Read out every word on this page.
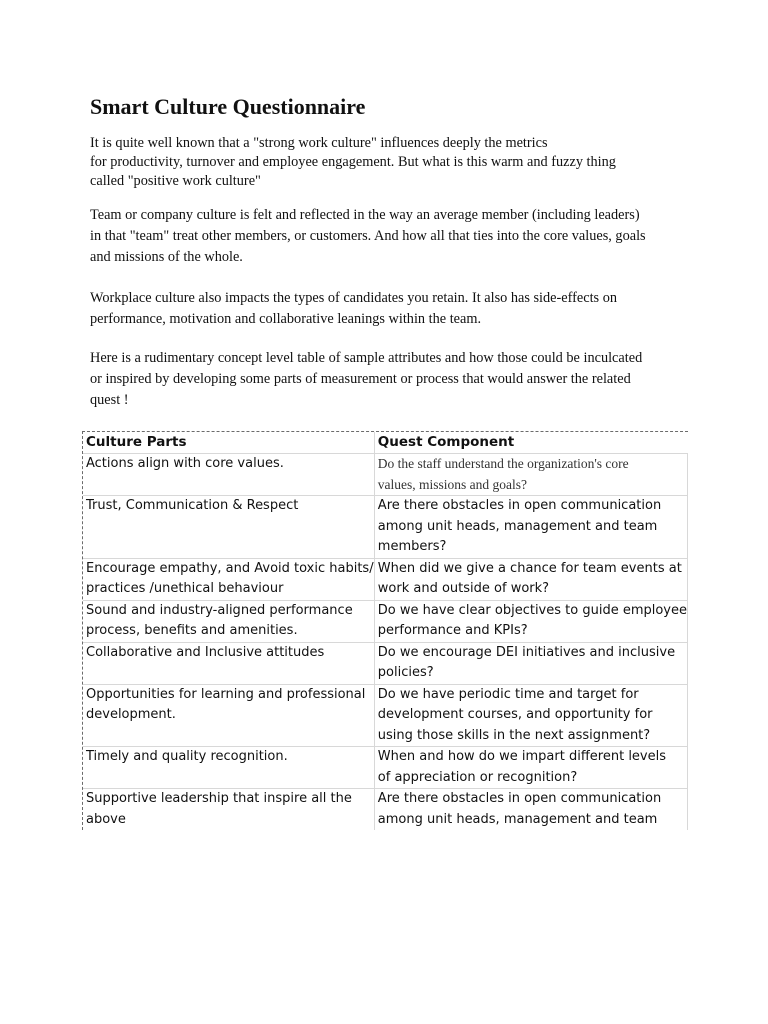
Smart Culture Questionnaire

It is quite well known that a "strong work culture" influences deeply the metrics
for productivity, turnover and employee engagement. But what is this warm and fuzzy thing
called "positive work culture"

Team or company culture is felt and reflected in the way an average member (including leaders)
in that "team" treat other members, or customers. And how all that ties into the core values, goals
and missions of the whole.

Workplace culture also impacts the types of candidates you retain. It also has side-effects on
performance, motivation and collaborative leanings within the team.

Here is a rudimentary concept level table of sample attributes and how those could be inculcated
or inspired by developing some parts of measurement or process that would answer the related
quest !

Culture Parts	Quest Component

Actions align with core values.	Do the staff understand the organization's core
values, missions and goals?

Trust, Communication & Respect	Are there obstacles in open communication
among unit heads, management and team
members?

Encourage empathy, and Avoid toxic habits/
practices /unethical behaviour	When did we give a chance for team events at
work and outside of work?

Sound and industry-aligned performance
process, benefits and amenities.	Do we have clear objectives to guide employee
performance and KPIs?

Collaborative and Inclusive attitudes	Do we encourage DEI initiatives and inclusive
policies?

Opportunities for learning and professional
development.	Do we have periodic time and target for
development courses, and opportunity for
using those skills in the next assignment?

Timely and quality recognition.	When and how do we impart different levels
of appreciation or recognition?

Supportive leadership that inspire all the
above	Are there obstacles in open communication
among unit heads, management and team
